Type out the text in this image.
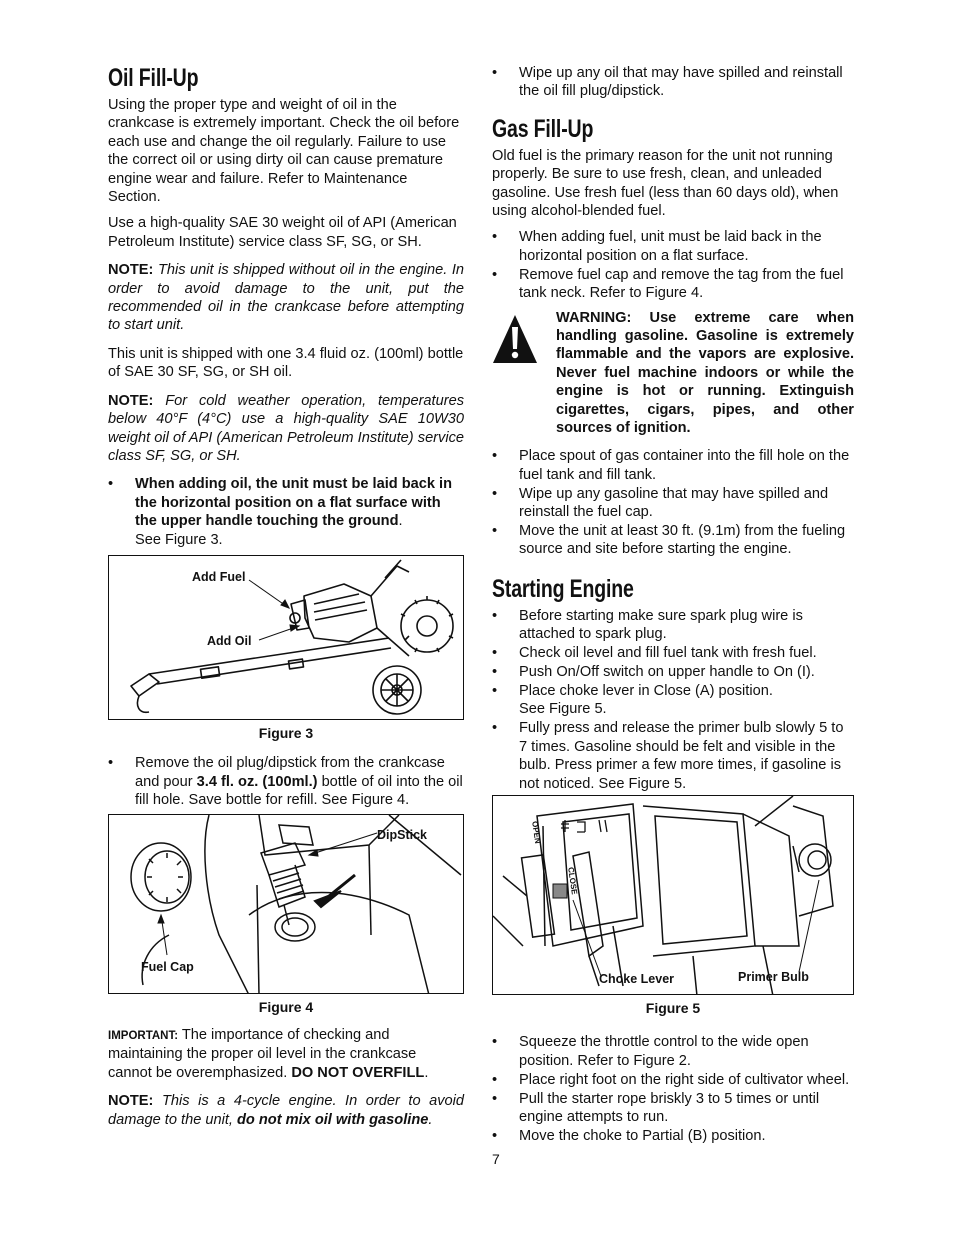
Oil Fill-Up

Using the proper type and weight of oil in the crankcase is extremely important. Check the oil before each use and change the oil regularly. Failure to use the correct oil or using dirty oil can cause premature engine wear and failure. Refer to Maintenance Section.

Use a high-quality SAE 30 weight oil of API (American Petroleum Institute) service class SF, SG, or SH.

NOTE: This unit is shipped without oil in the engine. In order to avoid damage to the unit, put the recommended oil in the crankcase before attempting to start unit.

This unit is shipped with one 3.4 fluid oz. (100ml) bottle of SAE 30 SF, SG, or SH oil.

NOTE: For cold weather operation, temperatures below 40°F (4°C) use a high-quality SAE 10W30 weight oil of API (American Petroleum Institute) service class SF, SG, or SH.

• When adding oil, the unit must be laid back in the horizontal position on a flat surface with the upper handle touching the ground.
See Figure 3.
Add Fuel
Add Oil
Figure 3
• Remove the oil plug/dipstick from the crankcase and pour 3.4 fl. oz. (100ml.) bottle of oil into the oil fill hole. Save bottle for refill. See Figure 4.
DipStick
Fuel Cap
Figure 4

IMPORTANT: The importance of checking and maintaining the proper oil level in the crankcase cannot be overemphasized. DO NOT OVERFILL.

NOTE: This is a 4-cycle engine. In order to avoid damage to the unit, do not mix oil with gasoline.

• Wipe up any oil that may have spilled and reinstall the oil fill plug/dipstick.
Gas Fill-Up

Old fuel is the primary reason for the unit not running properly. Be sure to use fresh, clean, and unleaded gasoline. Use fresh fuel (less than 60 days old), when using alcohol-blended fuel.

• When adding fuel, unit must be laid back in the horizontal position on a flat surface.
• Remove fuel cap and remove the tag from the fuel tank neck. Refer to Figure 4.
WARNING: Use extreme care when handling gasoline. Gasoline is extremely flammable and the vapors are explosive. Never fuel machine indoors or while the engine is hot or running. Extinguish cigarettes, cigars, pipes, and other sources of ignition.
• Place spout of gas container into the fill hole on the fuel tank and fill tank.
• Wipe up any gasoline that may have spilled and reinstall the fuel cap.
• Move the unit at least 30 ft. (9.1m) from the fueling source and site before starting the engine.
Starting Engine
• Before starting make sure spark plug wire is attached to spark plug.
• Check oil level and fill fuel tank with fresh fuel.
• Push On/Off switch on upper handle to On (I).
• Place choke lever in Close (A) position.
See Figure 5.
• Fully press and release the primer bulb slowly 5 to 7 times. Gasoline should be felt and visible in the bulb. Press primer a few more times, if gasoline is not noticed. See Figure 5.
OPEN
CLOSE
Choke Lever	Primer Bulb
Figure 5
• Squeeze the throttle control to the wide open position. Refer to Figure 2.
• Place right foot on the right side of cultivator wheel.
• Pull the starter rope briskly 3 to 5 times or until engine attempts to run.
• Move the choke to Partial (B) position.
7
